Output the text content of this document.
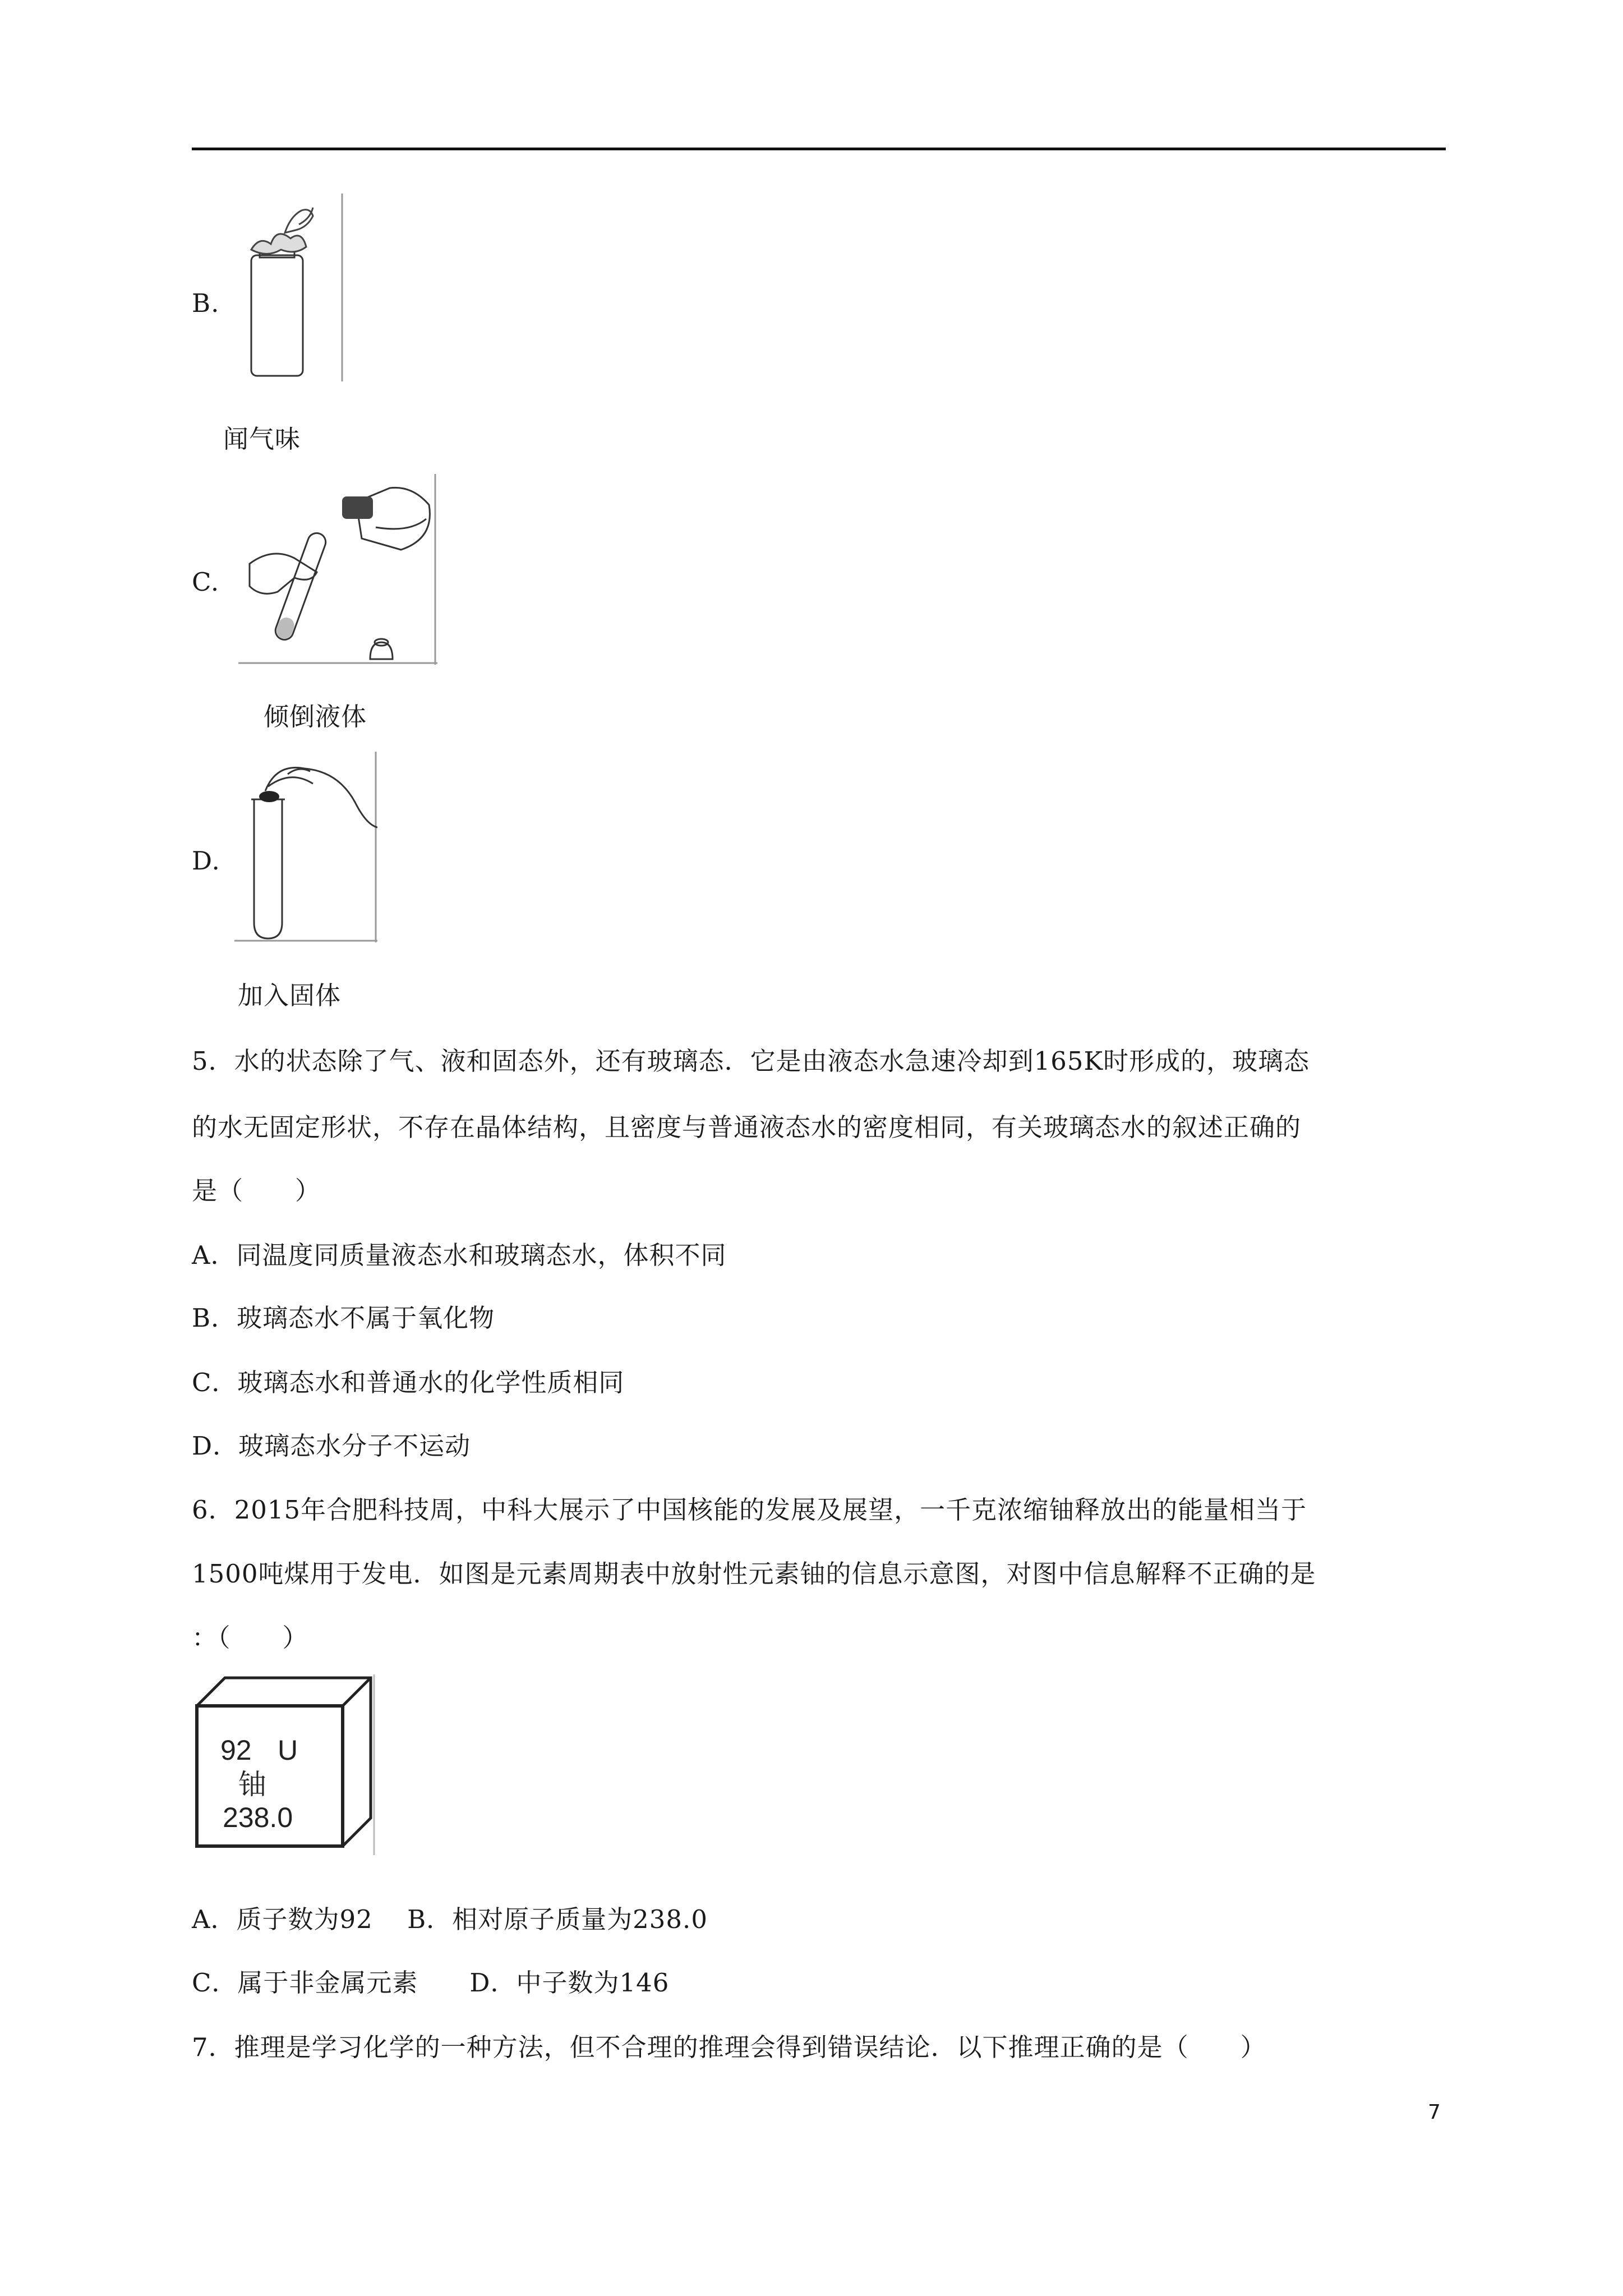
B.
闻气味
C.
倾倒液体
D.
加入固体
5．水的状态除了气、液和固态外，还有玻璃态．它是由液态水急速冷却到165K时形成的，玻璃态
的水无固定形状，不存在晶体结构，且密度与普通液态水的密度相同，有关玻璃态水的叙述正确的
是（　　）
A．同温度同质量液态水和玻璃态水，体积不同
B．玻璃态水不属于氧化物
C．玻璃态水和普通水的化学性质相同
D．玻璃态水分子不运动
6．2015年合肥科技周，中科大展示了中国核能的发展及展望，一千克浓缩铀释放出的能量相当于
1500吨煤用于发电．如图是元素周期表中放射性元素铀的信息示意图，对图中信息解释不正确的是
：（　　）
92 U
铀
238.0
A．质子数为92　 B．相对原子质量为238.0
C．属于非金属元素　　D．中子数为146
7．推理是学习化学的一种方法，但不合理的推理会得到错误结论．以下推理正确的是（　　）
7
